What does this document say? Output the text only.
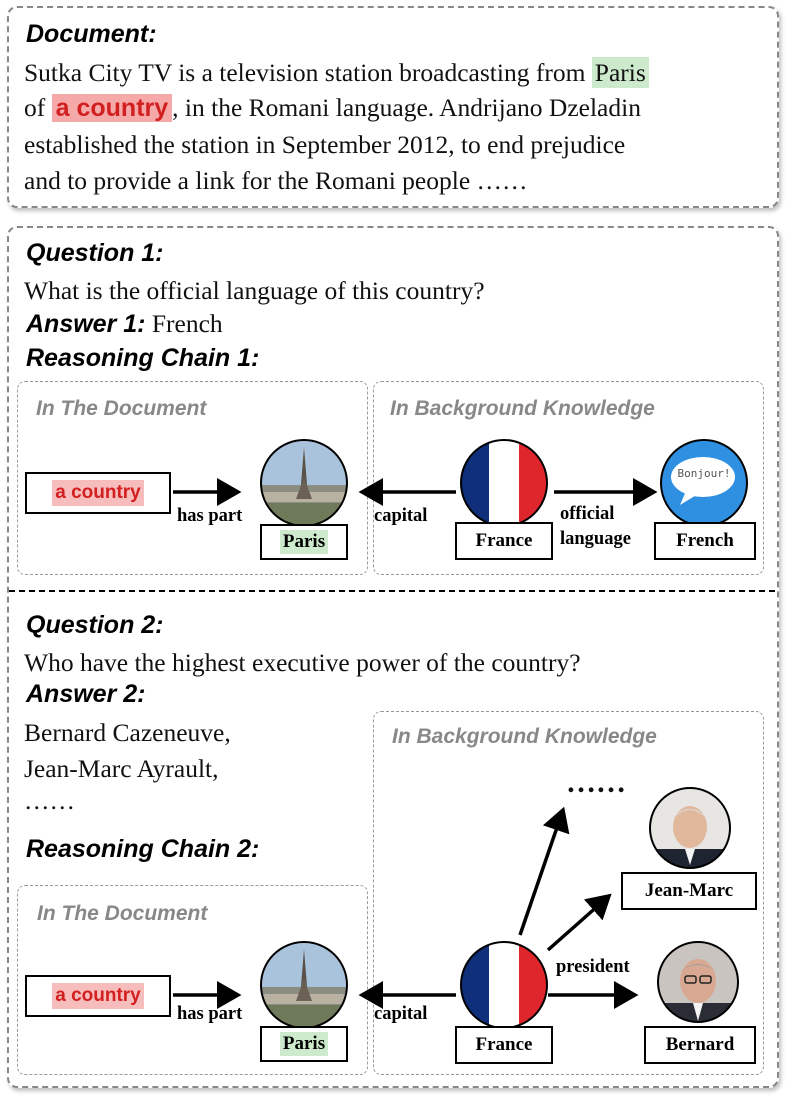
Document:
Sutka City TV is a television station broadcasting from Paris
of a country , in the Romani language. Andrijano Dzeladin
established the station in September 2012, to end prejudice
and to provide a link for the Romani people ……
Question 1:
What is the official language of this country?
Answer 1: French
Reasoning Chain 1:
In The Document	In Background Knowledge
a country
Paris	France
Bonjour!
French
has part	capital	official
language
Question 2:
Who have the highest executive power of the country?
Answer 2:
Bernard Cazeneuve,
Jean-Marc Ayrault,
……
Reasoning Chain 2:
In Background Knowledge
In The Document
……
a country
Paris	France
Jean-Marc
Bernard
has part	capital
president
